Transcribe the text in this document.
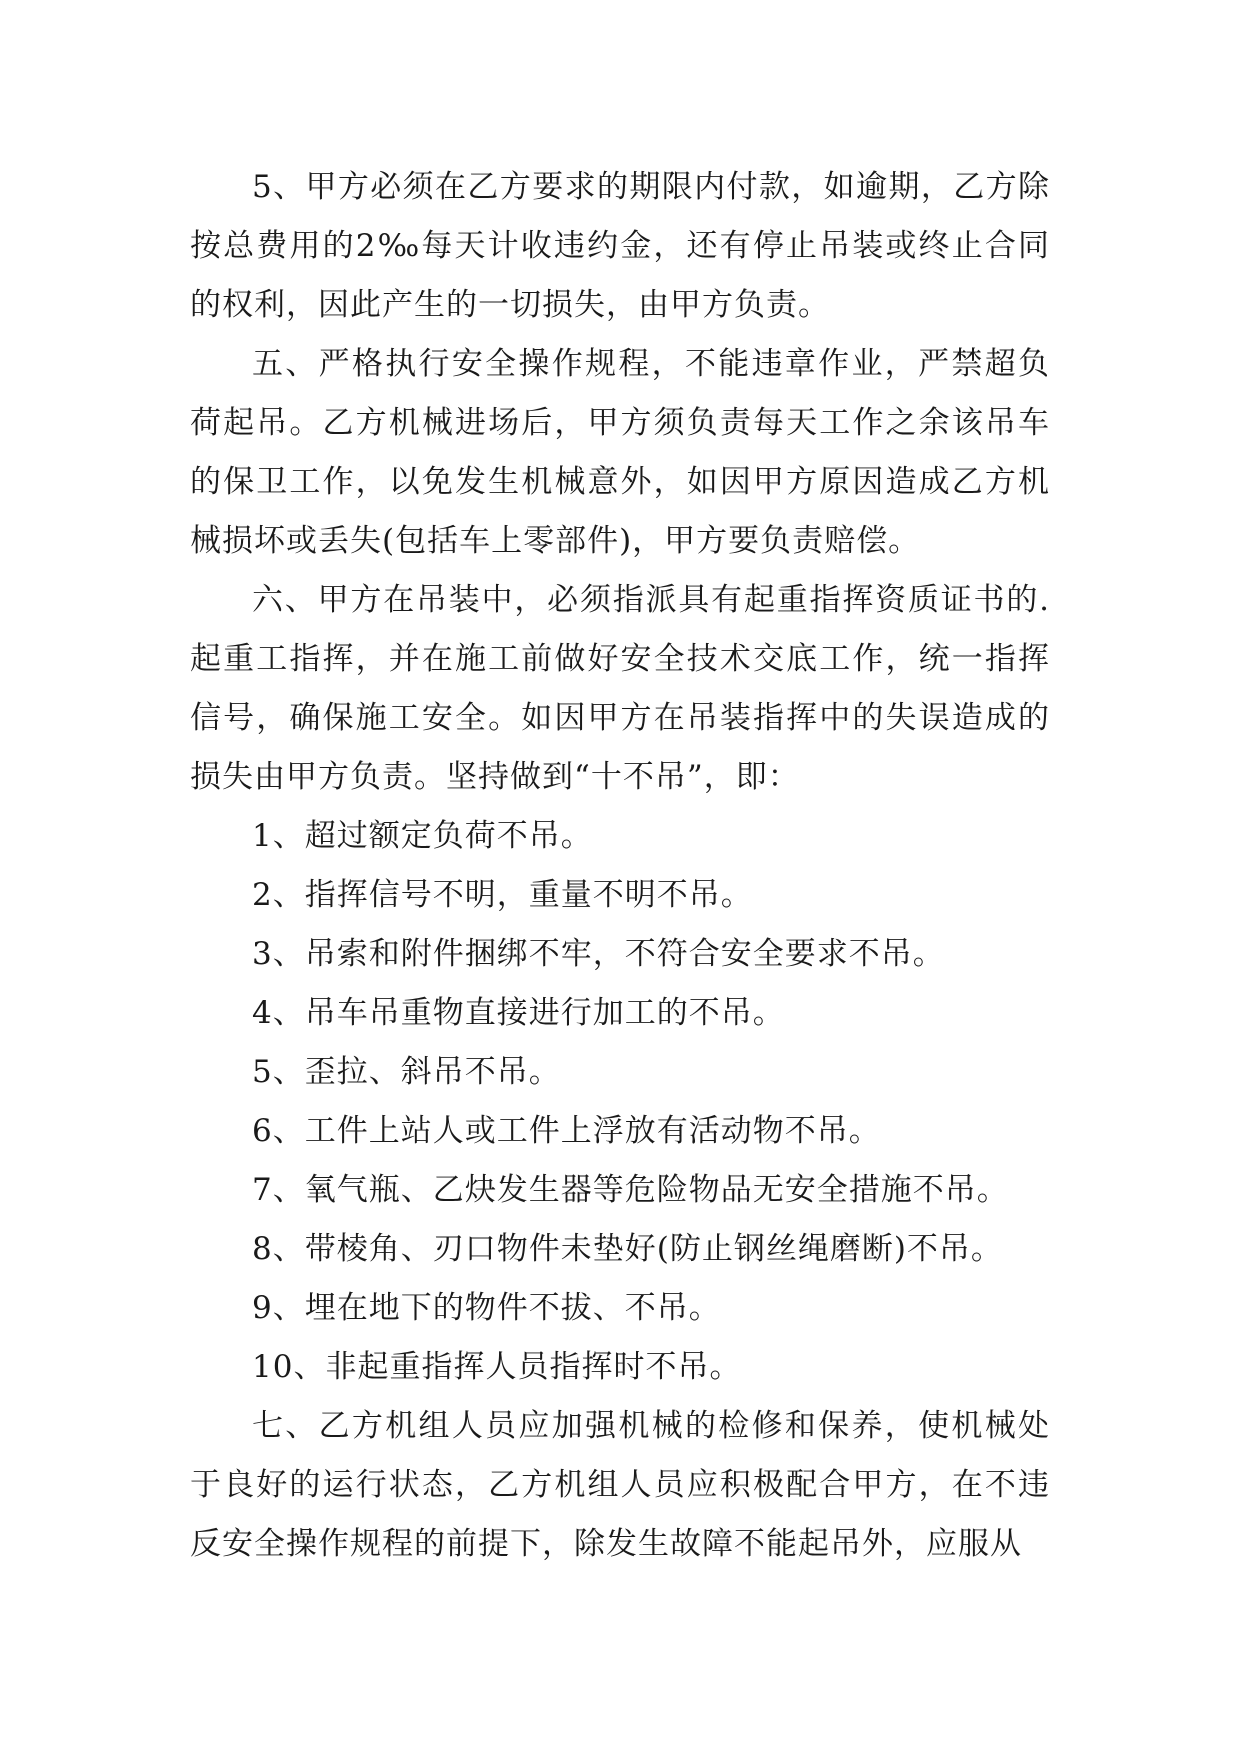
5、甲方必须在乙方要求的期限内付款，如逾期，乙方除按总费用的2‰每天计收违约金，还有停止吊装或终止合同的权利，因此产生的一切损失，由甲方负责。

五、严格执行安全操作规程，不能违章作业，严禁超负荷起吊。乙方机械进场后，甲方须负责每天工作之余该吊车的保卫工作，以免发生机械意外，如因甲方原因造成乙方机械损坏或丢失(包括车上零部件)，甲方要负责赔偿。

六、甲方在吊装中，必须指派具有起重指挥资质证书的.起重工指挥，并在施工前做好安全技术交底工作，统一指挥信号，确保施工安全。如因甲方在吊装指挥中的失误造成的损失由甲方负责。坚持做到“十不吊”，即：

1、超过额定负荷不吊。

2、指挥信号不明，重量不明不吊。

3、吊索和附件捆绑不牢，不符合安全要求不吊。

4、吊车吊重物直接进行加工的不吊。

5、歪拉、斜吊不吊。

6、工件上站人或工件上浮放有活动物不吊。

7、氧气瓶、乙炔发生器等危险物品无安全措施不吊。

8、带棱角、刃口物件未垫好(防止钢丝绳磨断)不吊。

9、埋在地下的物件不拔、不吊。

10、非起重指挥人员指挥时不吊。

七、乙方机组人员应加强机械的检修和保养，使机械处于良好的运行状态，乙方机组人员应积极配合甲方，在不违反安全操作规程的前提下，除发生故障不能起吊外，应服从
